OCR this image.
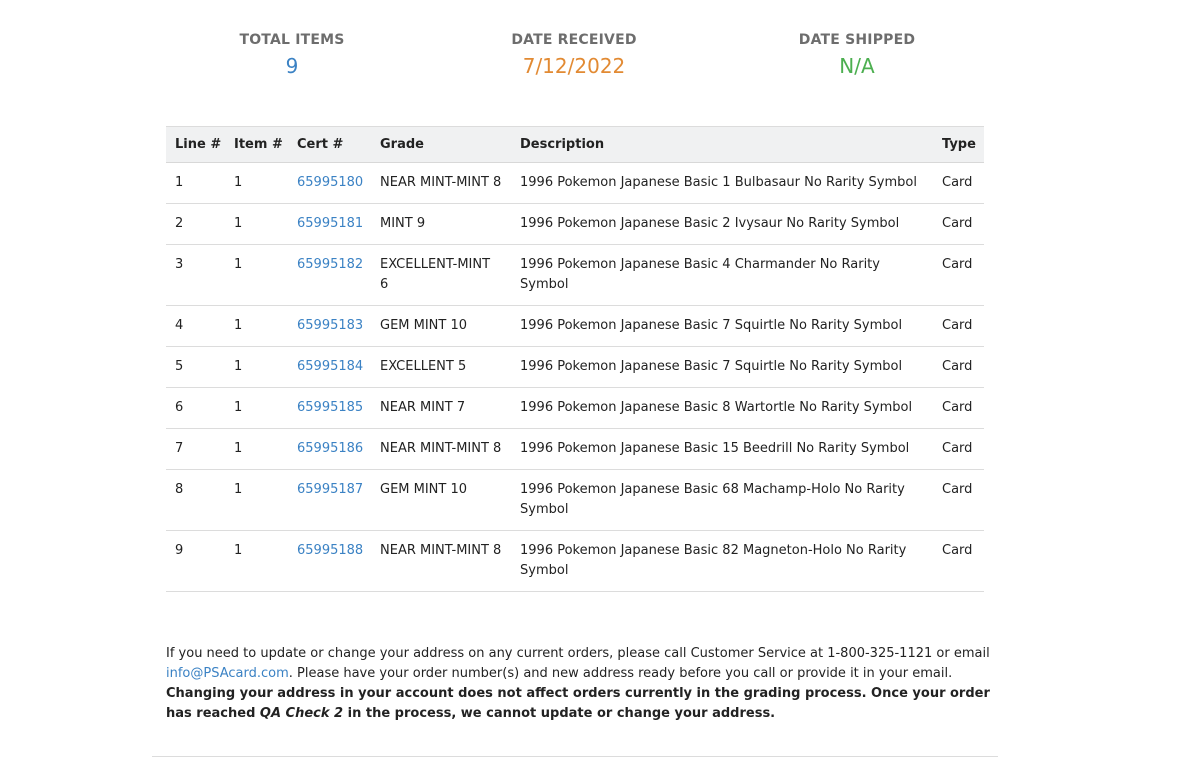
TOTAL ITEMS
9
DATE RECEIVED
7/12/2022
DATE SHIPPED
N/A
Line #	Item #	Cert #	Grade	Description	Type
1	1	65995180	NEAR MINT-MINT 8	1996 Pokemon Japanese Basic 1 Bulbasaur No Rarity Symbol	Card
2	1	65995181	MINT 9	1996 Pokemon Japanese Basic 2 Ivysaur No Rarity Symbol	Card
3	1	65995182	EXCELLENT-MINT 6	1996 Pokemon Japanese Basic 4 Charmander No Rarity Symbol	Card
4	1	65995183	GEM MINT 10	1996 Pokemon Japanese Basic 7 Squirtle No Rarity Symbol	Card
5	1	65995184	EXCELLENT 5	1996 Pokemon Japanese Basic 7 Squirtle No Rarity Symbol	Card
6	1	65995185	NEAR MINT 7	1996 Pokemon Japanese Basic 8 Wartortle No Rarity Symbol	Card
7	1	65995186	NEAR MINT-MINT 8	1996 Pokemon Japanese Basic 15 Beedrill No Rarity Symbol	Card
8	1	65995187	GEM MINT 10	1996 Pokemon Japanese Basic 68 Machamp-Holo No Rarity Symbol	Card
9	1	65995188	NEAR MINT-MINT 8	1996 Pokemon Japanese Basic 82 Magneton-Holo No Rarity Symbol	Card
If you need to update or change your address on any current orders, please call Customer Service at 1-800-325-1121 or email info@PSAcard.com. Please have your order number(s) and new address ready before you call or provide it in your email.
Changing your address in your account does not affect orders currently in the grading process. Once your order has reached QA Check 2 in the process, we cannot update or change your address.
